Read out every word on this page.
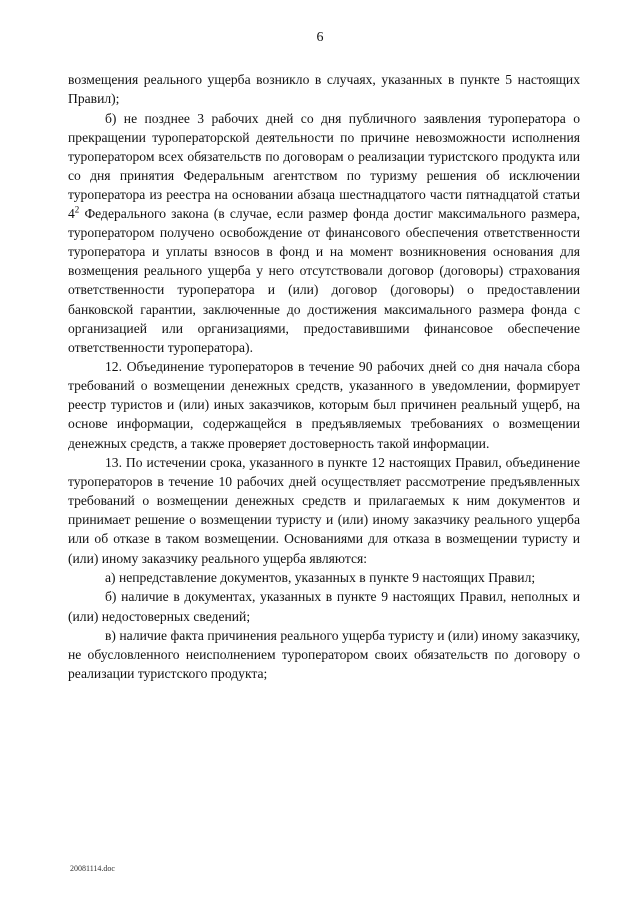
6

возмещения реального ущерба возникло в случаях, указанных в пункте 5 настоящих Правил);

б) не позднее 3 рабочих дней со дня публичного заявления туроператора о прекращении туроператорской деятельности по причине невозможности исполнения туроператором всех обязательств по договорам о реализации туристского продукта или со дня принятия Федеральным агентством по туризму решения об исключении туроператора из реестра на основании абзаца шестнадцатого части пятнадцатой статьи $4^2$ Федерального закона (в случае, если размер фонда достиг максимального размера, туроператором получено освобождение от финансового обеспечения ответственности туроператора и уплаты взносов в фонд и на момент возникновения основания для возмещения реального ущерба у него отсутствовали договор (договоры) страхования ответственности туроператора и (или) договор (договоры) о предоставлении банковской гарантии, заключенные до достижения максимального размера фонда с организацией или организациями, предоставившими финансовое обеспечение ответственности туроператора).

12. Объединение туроператоров в течение 90 рабочих дней со дня начала сбора требований о возмещении денежных средств, указанного в уведомлении, формирует реестр туристов и (или) иных заказчиков, которым был причинен реальный ущерб, на основе информации, содержащейся в предъявляемых требованиях о возмещении денежных средств, а также проверяет достоверность такой информации.

13. По истечении срока, указанного в пункте 12 настоящих Правил, объединение туроператоров в течение 10 рабочих дней осуществляет рассмотрение предъявленных требований о возмещении денежных средств и прилагаемых к ним документов и принимает решение о возмещении туристу и (или) иному заказчику реального ущерба или об отказе в таком возмещении. Основаниями для отказа в возмещении туристу и (или) иному заказчику реального ущерба являются:

а) непредставление документов, указанных в пункте 9 настоящих Правил;

б) наличие в документах, указанных в пункте 9 настоящих Правил, неполных и (или) недостоверных сведений;

в) наличие факта причинения реального ущерба туристу и (или) иному заказчику, не обусловленного неисполнением туроператором своих обязательств по договору о реализации туристского продукта;

20081114.doc
